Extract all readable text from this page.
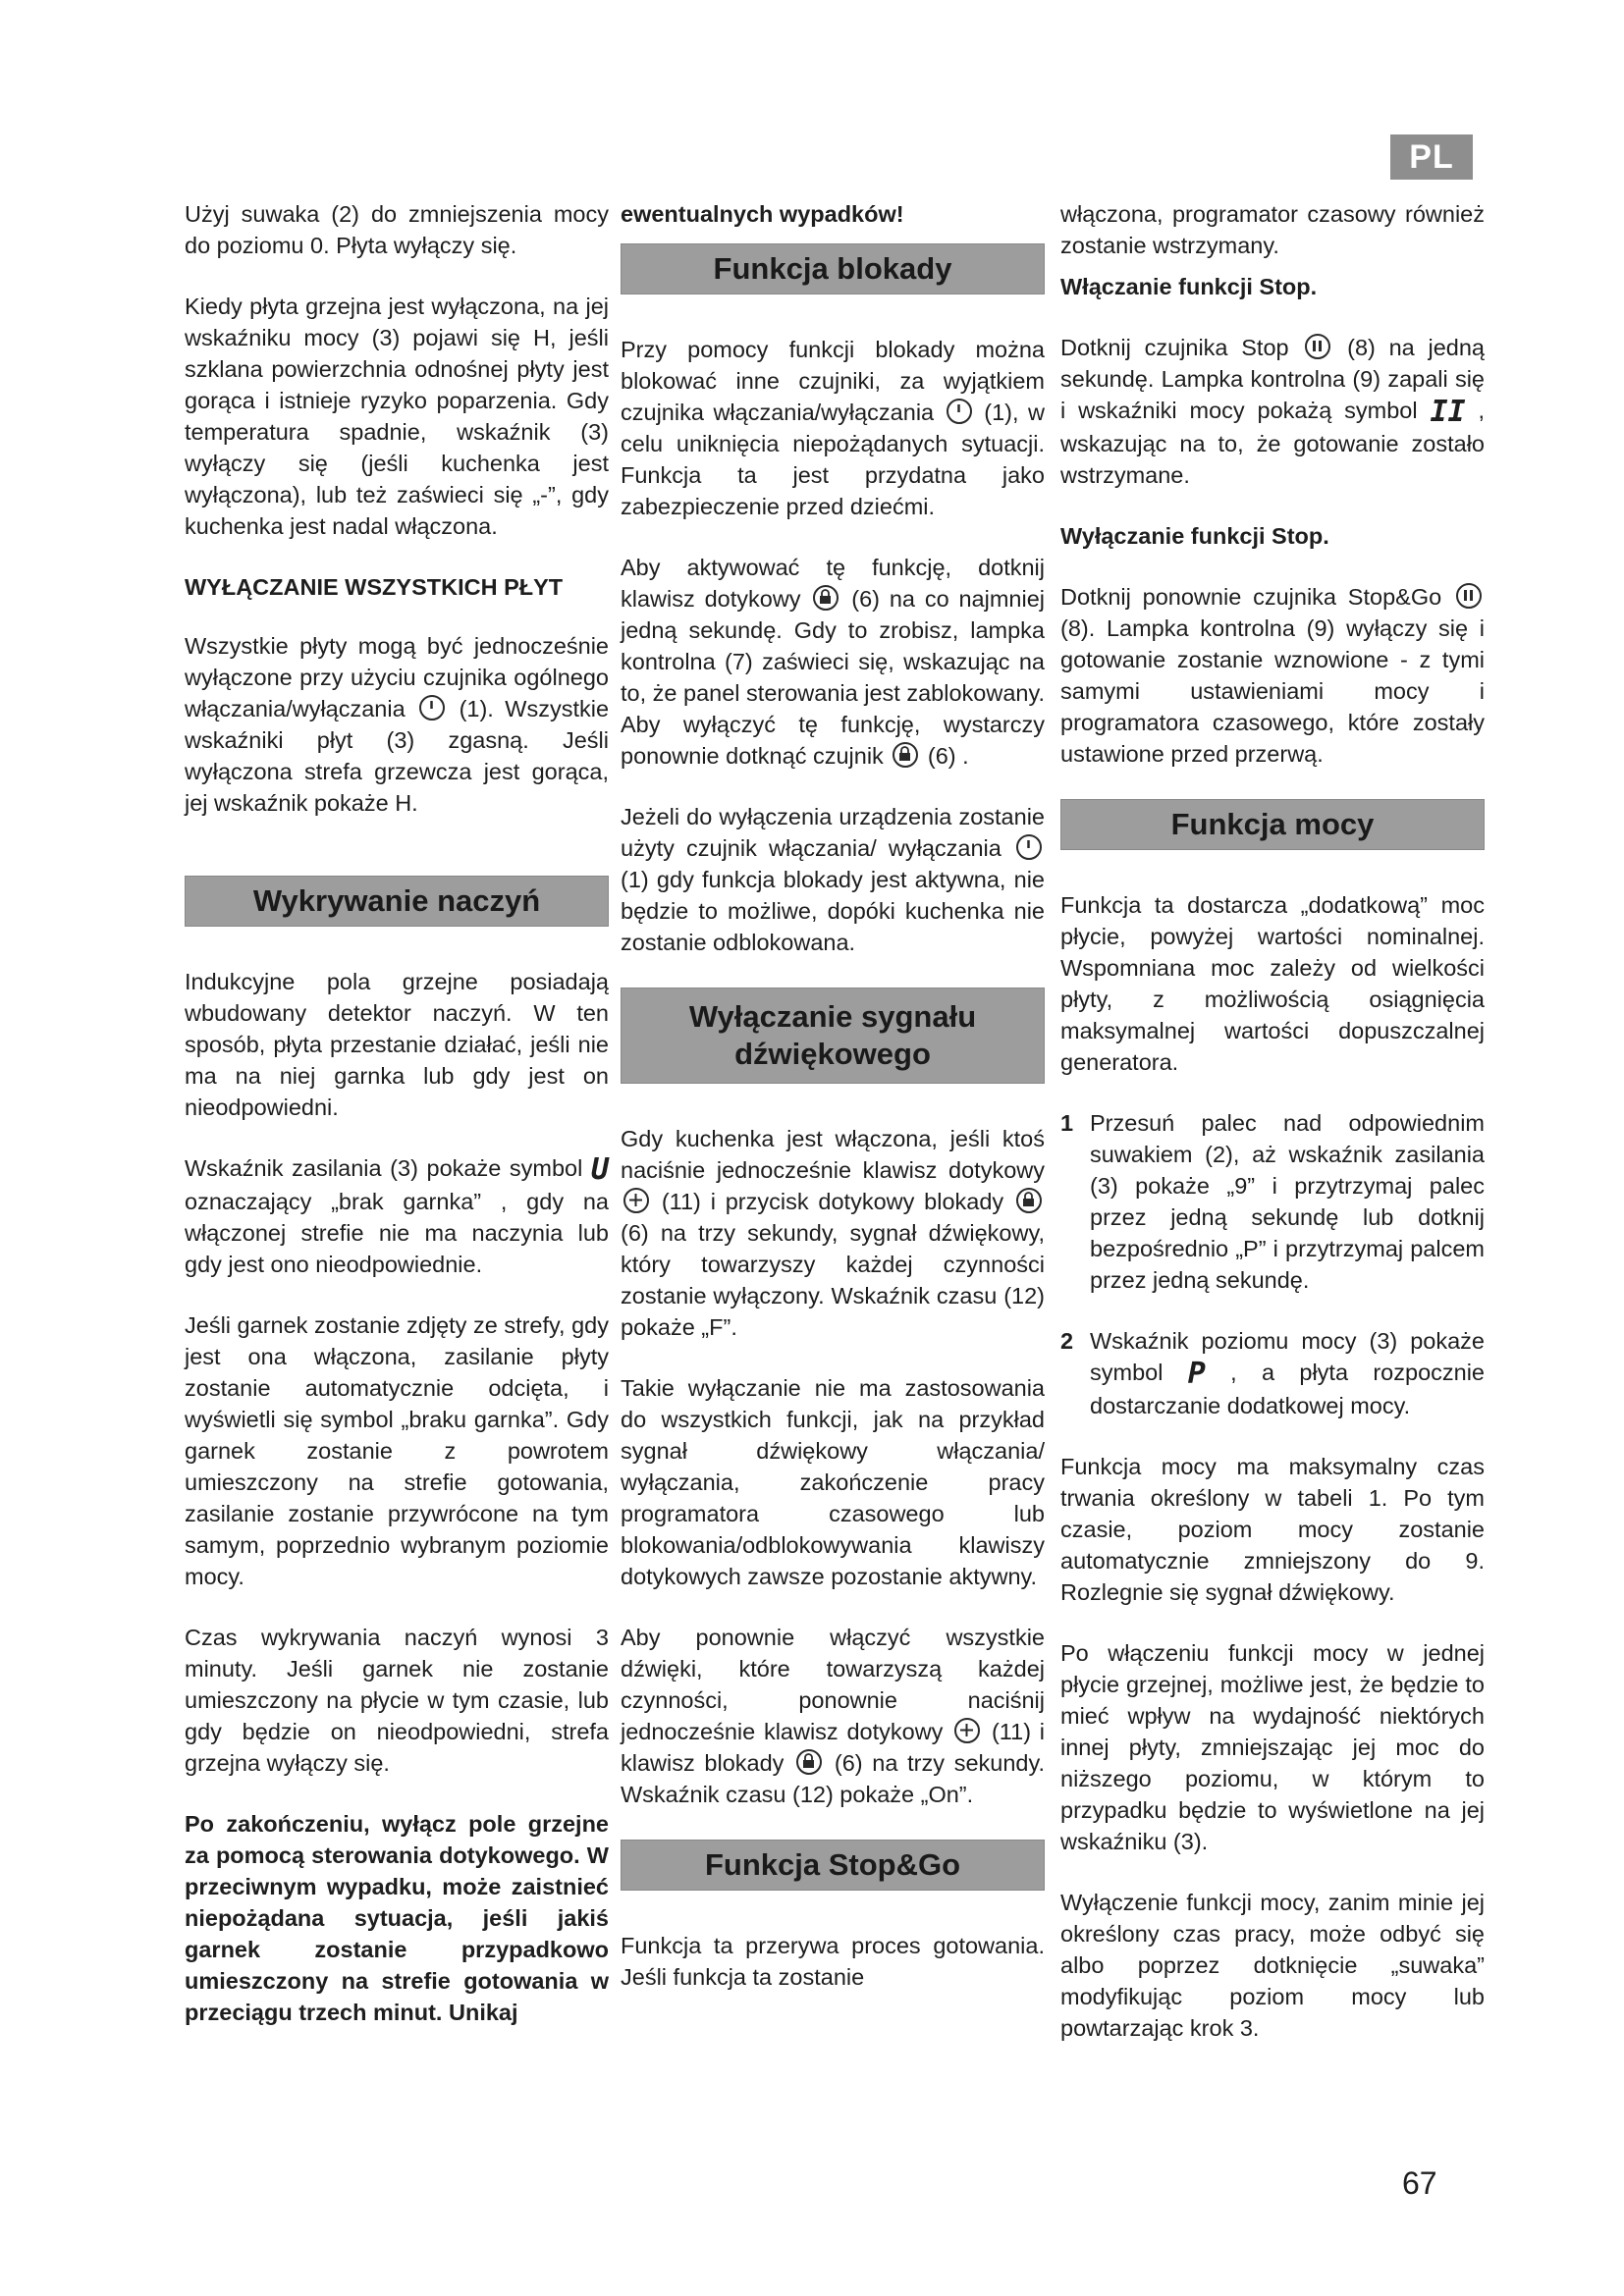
PL

Użyj suwaka (2) do zmniejszenia mocy do poziomu 0. Płyta wyłączy się.

Kiedy płyta grzejna jest wyłączona, na jej wskaźniku mocy (3) pojawi się H, jeśli szklana powierzchnia odnośnej płyty jest gorąca i istnieje ryzyko poparzenia. Gdy temperatura spadnie, wskaźnik (3) wyłączy się (jeśli kuchenka jest wyłączona), lub też zaświeci się „-”, gdy kuchenka jest nadal włączona.

WYŁĄCZANIE WSZYSTKICH PŁYT

Wszystkie płyty mogą być jednocześnie wyłączone przy użyciu czujnika ogólnego włączania/wyłączania (1). Wszystkie wskaźniki płyt (3) zgasną. Jeśli wyłączona strefa grzewcza jest gorąca, jej wskaźnik pokaże H.

Wykrywanie naczyń

Indukcyjne pola grzejne posiadają wbudowany detektor naczyń. W ten sposób, płyta przestanie działać, jeśli nie ma na niej garnka lub gdy jest on nieodpowiedni.

Wskaźnik zasilania (3) pokaże symbol U oznaczający „brak garnka” , gdy na włączonej strefie nie ma naczynia lub gdy jest ono nieodpowiednie.

Jeśli garnek zostanie zdjęty ze strefy, gdy jest ona włączona, zasilanie płyty zostanie automatycznie odcięta, i wyświetli się symbol „braku garnka”. Gdy garnek zostanie z powrotem umieszczony na strefie gotowania, zasilanie zostanie przywrócone na tym samym, poprzednio wybranym poziomie mocy.

Czas wykrywania naczyń wynosi 3 minuty. Jeśli garnek nie zostanie umieszczony na płycie w tym czasie, lub gdy będzie on nieodpowiedni, strefa grzejna wyłączy się.

Po zakończeniu, wyłącz pole grzejne za pomocą sterowania dotykowego. W przeciwnym wypadku, może zaistnieć niepożądana sytuacja, jeśli jakiś garnek zostanie przypadkowo umieszczony na strefie gotowania w przeciągu trzech minut. Unikaj

ewentualnych wypadków!

Funkcja blokady

Przy pomocy funkcji blokady można blokować inne czujniki, za wyjątkiem czujnika włączania/wyłączania (1), w celu uniknięcia niepożądanych sytuacji. Funkcja ta jest przydatna jako zabezpieczenie przed dziećmi.

Aby aktywować tę funkcję, dotknij klawisz dotykowy (6) na co najmniej jedną sekundę. Gdy to zrobisz, lampka kontrolna (7) zaświeci się, wskazując na to, że panel sterowania jest zablokowany. Aby wyłączyć tę funkcję, wystarczy ponownie dotknąć czujnik (6) .

Jeżeli do wyłączenia urządzenia zostanie użyty czujnik włączania/ wyłączania
(1) gdy funkcja blokady jest aktywna, nie będzie to możliwe, dopóki kuchenka nie zostanie odblokowana.

Wyłączanie sygnału
dźwiękowego

Gdy kuchenka jest włączona, jeśli ktoś naciśnie jednocześnie klawisz dotykowy
(11) i przycisk dotykowy blokady
(6) na trzy sekundy, sygnał dźwiękowy, który towarzyszy każdej czynności zostanie wyłączony. Wskaźnik czasu (12) pokaże „F”.

Takie wyłączanie nie ma zastosowania do wszystkich funkcji, jak na przykład sygnał dźwiękowy włączania/ wyłączania, zakończenie pracy programatora czasowego lub blokowania/odblokowywania klawiszy dotykowych zawsze pozostanie aktywny.

Aby ponownie włączyć wszystkie dźwięki, które towarzyszą każdej czynności, ponownie naciśnij jednocześnie klawisz dotykowy (11) i klawisz blokady (6) na trzy sekundy. Wskaźnik czasu (12) pokaże „On”.

Funkcja Stop&Go

Funkcja ta przerywa proces gotowania. Jeśli funkcja ta zostanie

włączona, programator czasowy również zostanie wstrzymany.

Włączanie funkcji Stop.

Dotknij czujnika Stop	(8) na jedną sekundę. Lampka kontrolna (9) zapali się i wskaźniki mocy pokażą symbol II , wskazując na to, że gotowanie zostało wstrzymane.

Wyłączanie funkcji Stop.

Dotknij ponownie czujnika Stop&Go
(8). Lampka kontrolna (9) wyłączy się i gotowanie zostanie wznowione - z tymi samymi ustawieniami mocy i programatora czasowego, które zostały ustawione przed przerwą.

Funkcja mocy

Funkcja ta dostarcza „dodatkową” moc płycie, powyżej wartości nominalnej. Wspomniana moc zależy od wielkości płyty, z możliwością osiągnięcia maksymalnej wartości dopuszczalnej generatora.

1 Przesuń palec nad odpowiednim suwakiem (2), aż wskaźnik zasilania (3) pokaże „9” i przytrzymaj palec przez jedną sekundę lub dotknij bezpośrednio „P” i przytrzymaj palcem przez jedną sekundę.
2 Wskaźnik poziomu mocy (3) pokaże symbol P , a płyta rozpocznie dostarczanie dodatkowej mocy.

Funkcja mocy ma maksymalny czas trwania określony w tabeli 1. Po tym czasie, poziom mocy zostanie automatycznie zmniejszony do 9. Rozlegnie się sygnał dźwiękowy.

Po włączeniu funkcji mocy w jednej płycie grzejnej, możliwe jest, że będzie to mieć wpływ na wydajność niektórych innej płyty, zmniejszając jej moc do niższego poziomu, w którym to przypadku będzie to wyświetlone na jej wskaźniku (3).

Wyłączenie funkcji mocy, zanim minie jej określony czas pracy, może odbyć się albo poprzez dotknięcie „suwaka” modyfikując poziom mocy lub powtarzając krok 3.

67
